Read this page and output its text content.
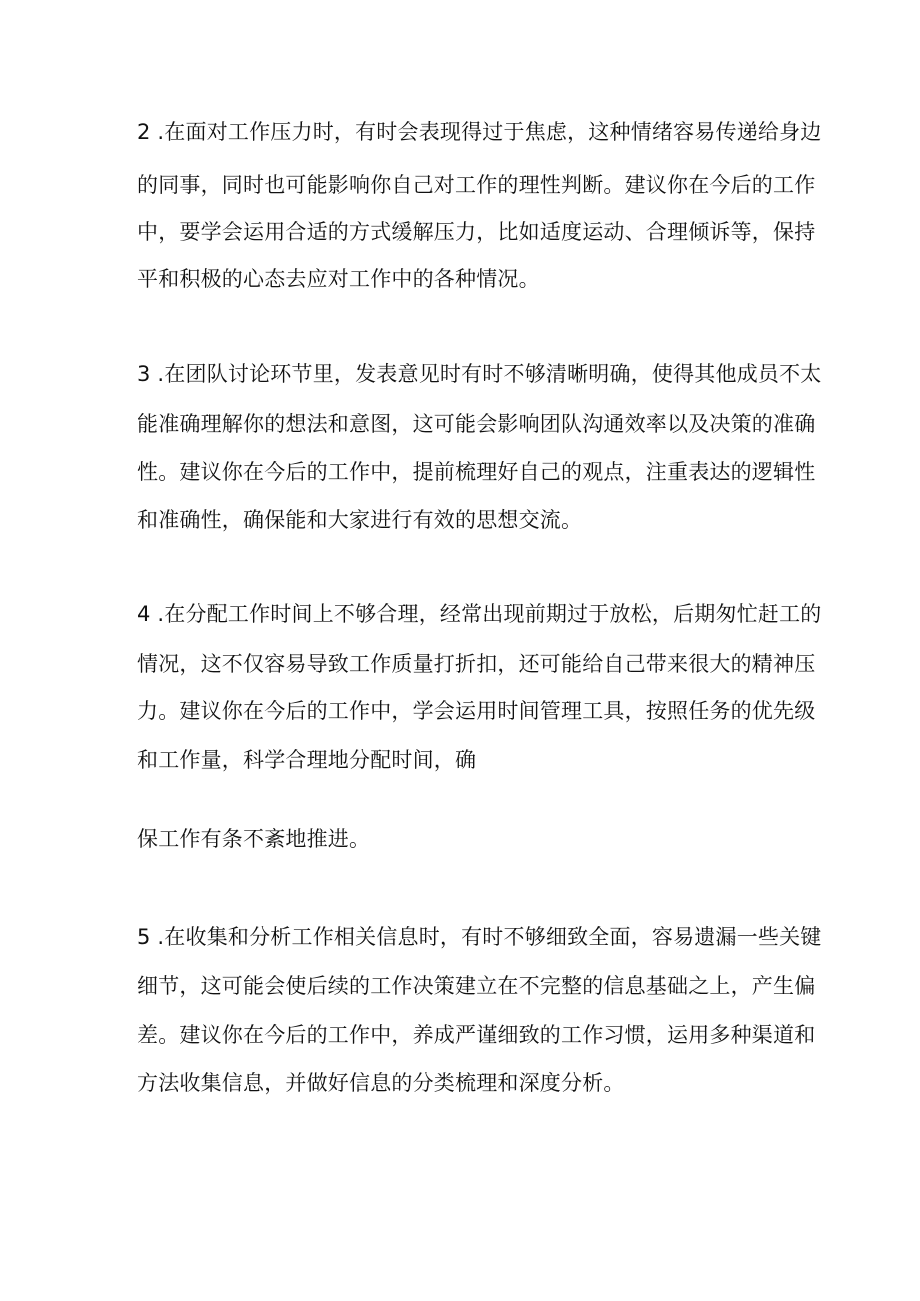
2 .在面对工作压力时，有时会表现得过于焦虑，这种情绪容易传递给身边
的同事，同时也可能影响你自己对工作的理性判断。建议你在今后的工作
中，要学会运用合适的方式缓解压力，比如适度运动、合理倾诉等，保持
平和积极的心态去应对工作中的各种情况。
3 .在团队讨论环节里，发表意见时有时不够清晰明确，使得其他成员不太
能准确理解你的想法和意图，这可能会影响团队沟通效率以及决策的准确
性。建议你在今后的工作中，提前梳理好自己的观点，注重表达的逻辑性
和准确性，确保能和大家进行有效的思想交流。
4 .在分配工作时间上不够合理，经常出现前期过于放松，后期匆忙赶工的
情况，这不仅容易导致工作质量打折扣，还可能给自己带来很大的精神压
力。建议你在今后的工作中，学会运用时间管理工具，按照任务的优先级
和工作量，科学合理地分配时间，确
保工作有条不紊地推进。
5 .在收集和分析工作相关信息时，有时不够细致全面，容易遗漏一些关键
细节，这可能会使后续的工作决策建立在不完整的信息基础之上，产生偏
差。建议你在今后的工作中，养成严谨细致的工作习惯，运用多种渠道和
方法收集信息，并做好信息的分类梳理和深度分析。
